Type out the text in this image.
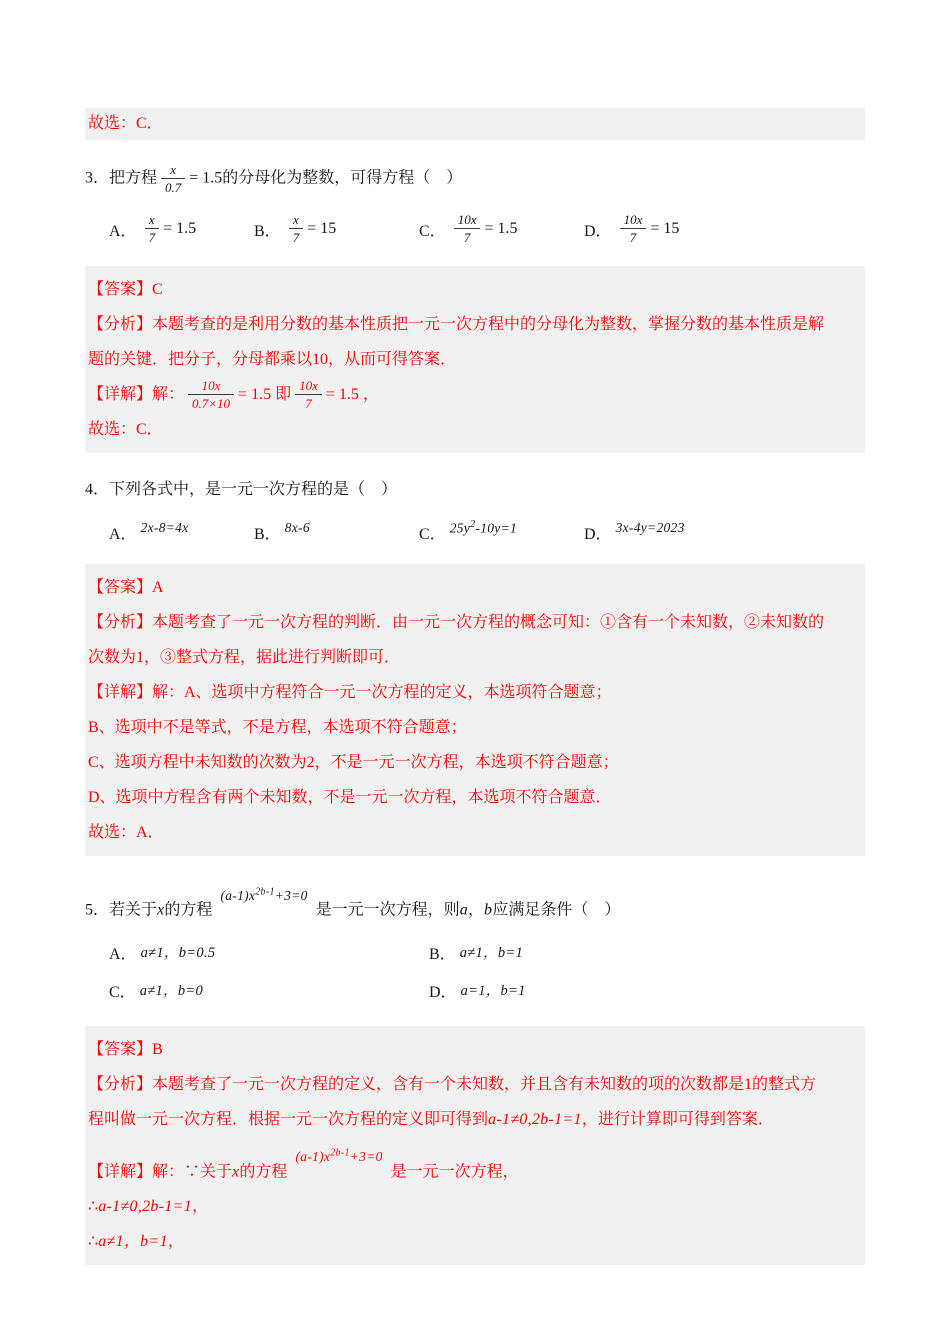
故选：C．

3．把方程 $\frac{x}{0.7} = 1.5$的分母化为整数，可得方程（　）

A． $\frac{x}{7} = 1.5$	B． $\frac{x}{7} = 15$	C． $\frac{10x}{7} = 1.5$	D． $\frac{10x}{7} = 15$

【答案】C

【分析】本题考查的是利用分数的基本性质把一元一次方程中的分母化为整数，掌握分数的基本性质是解

题的关键．把分子，分母都乘以10，从而可得答案．

【详解】解： $\frac{10x}{0.7\times 10} = 1.5$ 即 $\frac{10x}{7} = 1.5$ ，

故选：C．

4．下列各式中，是一元一次方程的是（　）

A． 2x-8=4x	B． 8x-6	C． $25y^2-10y=1$	D． 3x-4y=2023

【答案】A

【分析】本题考查了一元一次方程的判断．由一元一次方程的概念可知：①含有一个未知数，②未知数的

次数为1，③整式方程，据此进行判断即可．

【详解】解：A、选项中方程符合一元一次方程的定义，本选项符合题意；

B、选项中不是等式，不是方程，本选项不符合题意；

C、选项方程中未知数的次数为2，不是一元一次方程，本选项不符合题意；

D、选项中方程含有两个未知数，不是一元一次方程，本选项不符合题意．

故选：A．

5．若关于x的方程$^{(a-1)x^{2b-1}+3=0}$是一元一次方程，则a，b应满足条件（　）

A． a≠1，b=0.5	B． a≠1，b=1
C． a≠1，b=0	D． a=1，b=1

【答案】B

【分析】本题考查了一元一次方程的定义，含有一个未知数，并且含有未知数的项的次数都是1的整式方

程叫做一元一次方程．根据一元一次方程的定义即可得到a-1≠0,2b-1=1，进行计算即可得到答案．

【详解】解：∵关于x的方程$^{(a-1)x^{2b-1}+3=0}$是一元一次方程，

∴a-1≠0,2b-1=1，

∴a≠1，b=1，
